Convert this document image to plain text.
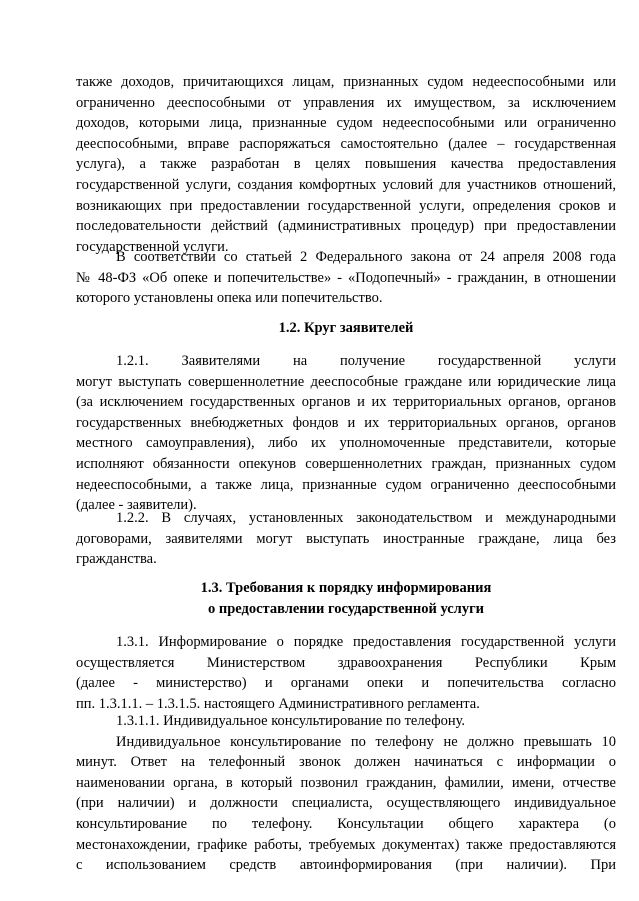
также доходов, причитающихся лицам, признанных судом недееспособными или
ограниченно дееспособными от управления их имуществом, за исключением
доходов, которыми лица, признанные судом недееспособными или ограниченно
дееспособными, вправе распоряжаться самостоятельно (далее – государственная
услуга), а также разработан в целях повышения качества предоставления
государственной услуги, создания комфортных условий для участников отношений,
возникающих при предоставлении государственной услуги, определения сроков и
последовательности действий (административных процедур) при предоставлении
государственной услуги.
В соответствии со статьей 2 Федерального закона от 24 апреля 2008 года
№ 48-ФЗ «Об опеке и попечительстве» - «Подопечный» - гражданин, в отношении
которого установлены опека или попечительство.
1.2. Круг заявителей
1.2.1. Заявителями на получение государственной услуги
могут выступать совершеннолетние дееспособные граждане или юридические лица
(за исключением государственных органов и их территориальных органов, органов
государственных внебюджетных фондов и их территориальных органов, органов
местного самоуправления), либо их уполномоченные представители, которые
исполняют обязанности опекунов совершеннолетних граждан, признанных судом
недееспособными, а также лица, признанные судом ограниченно дееспособными
(далее - заявители).
1.2.2. В случаях, установленных законодательством и международными
договорами, заявителями могут выступать иностранные граждане, лица без
гражданства.
1.3. Требования к порядку информирования
о предоставлении государственной услуги
1.3.1. Информирование о порядке предоставления государственной услуги
осуществляется Министерством здравоохранения Республики Крым
(далее - министерство) и органами опеки и попечительства согласно
пп. 1.3.1.1. – 1.3.1.5. настоящего Административного регламента.
1.3.1.1. Индивидуальное консультирование по телефону.
Индивидуальное консультирование по телефону не должно превышать 10
минут. Ответ на телефонный звонок должен начинаться с информации о
наименовании органа, в который позвонил гражданин, фамилии, имени, отчестве
(при наличии) и должности специалиста, осуществляющего индивидуальное
консультирование по телефону. Консультации общего характера (о
местонахождении, графике работы, требуемых документах) также предоставляются
с использованием средств автоинформирования (при наличии). При
